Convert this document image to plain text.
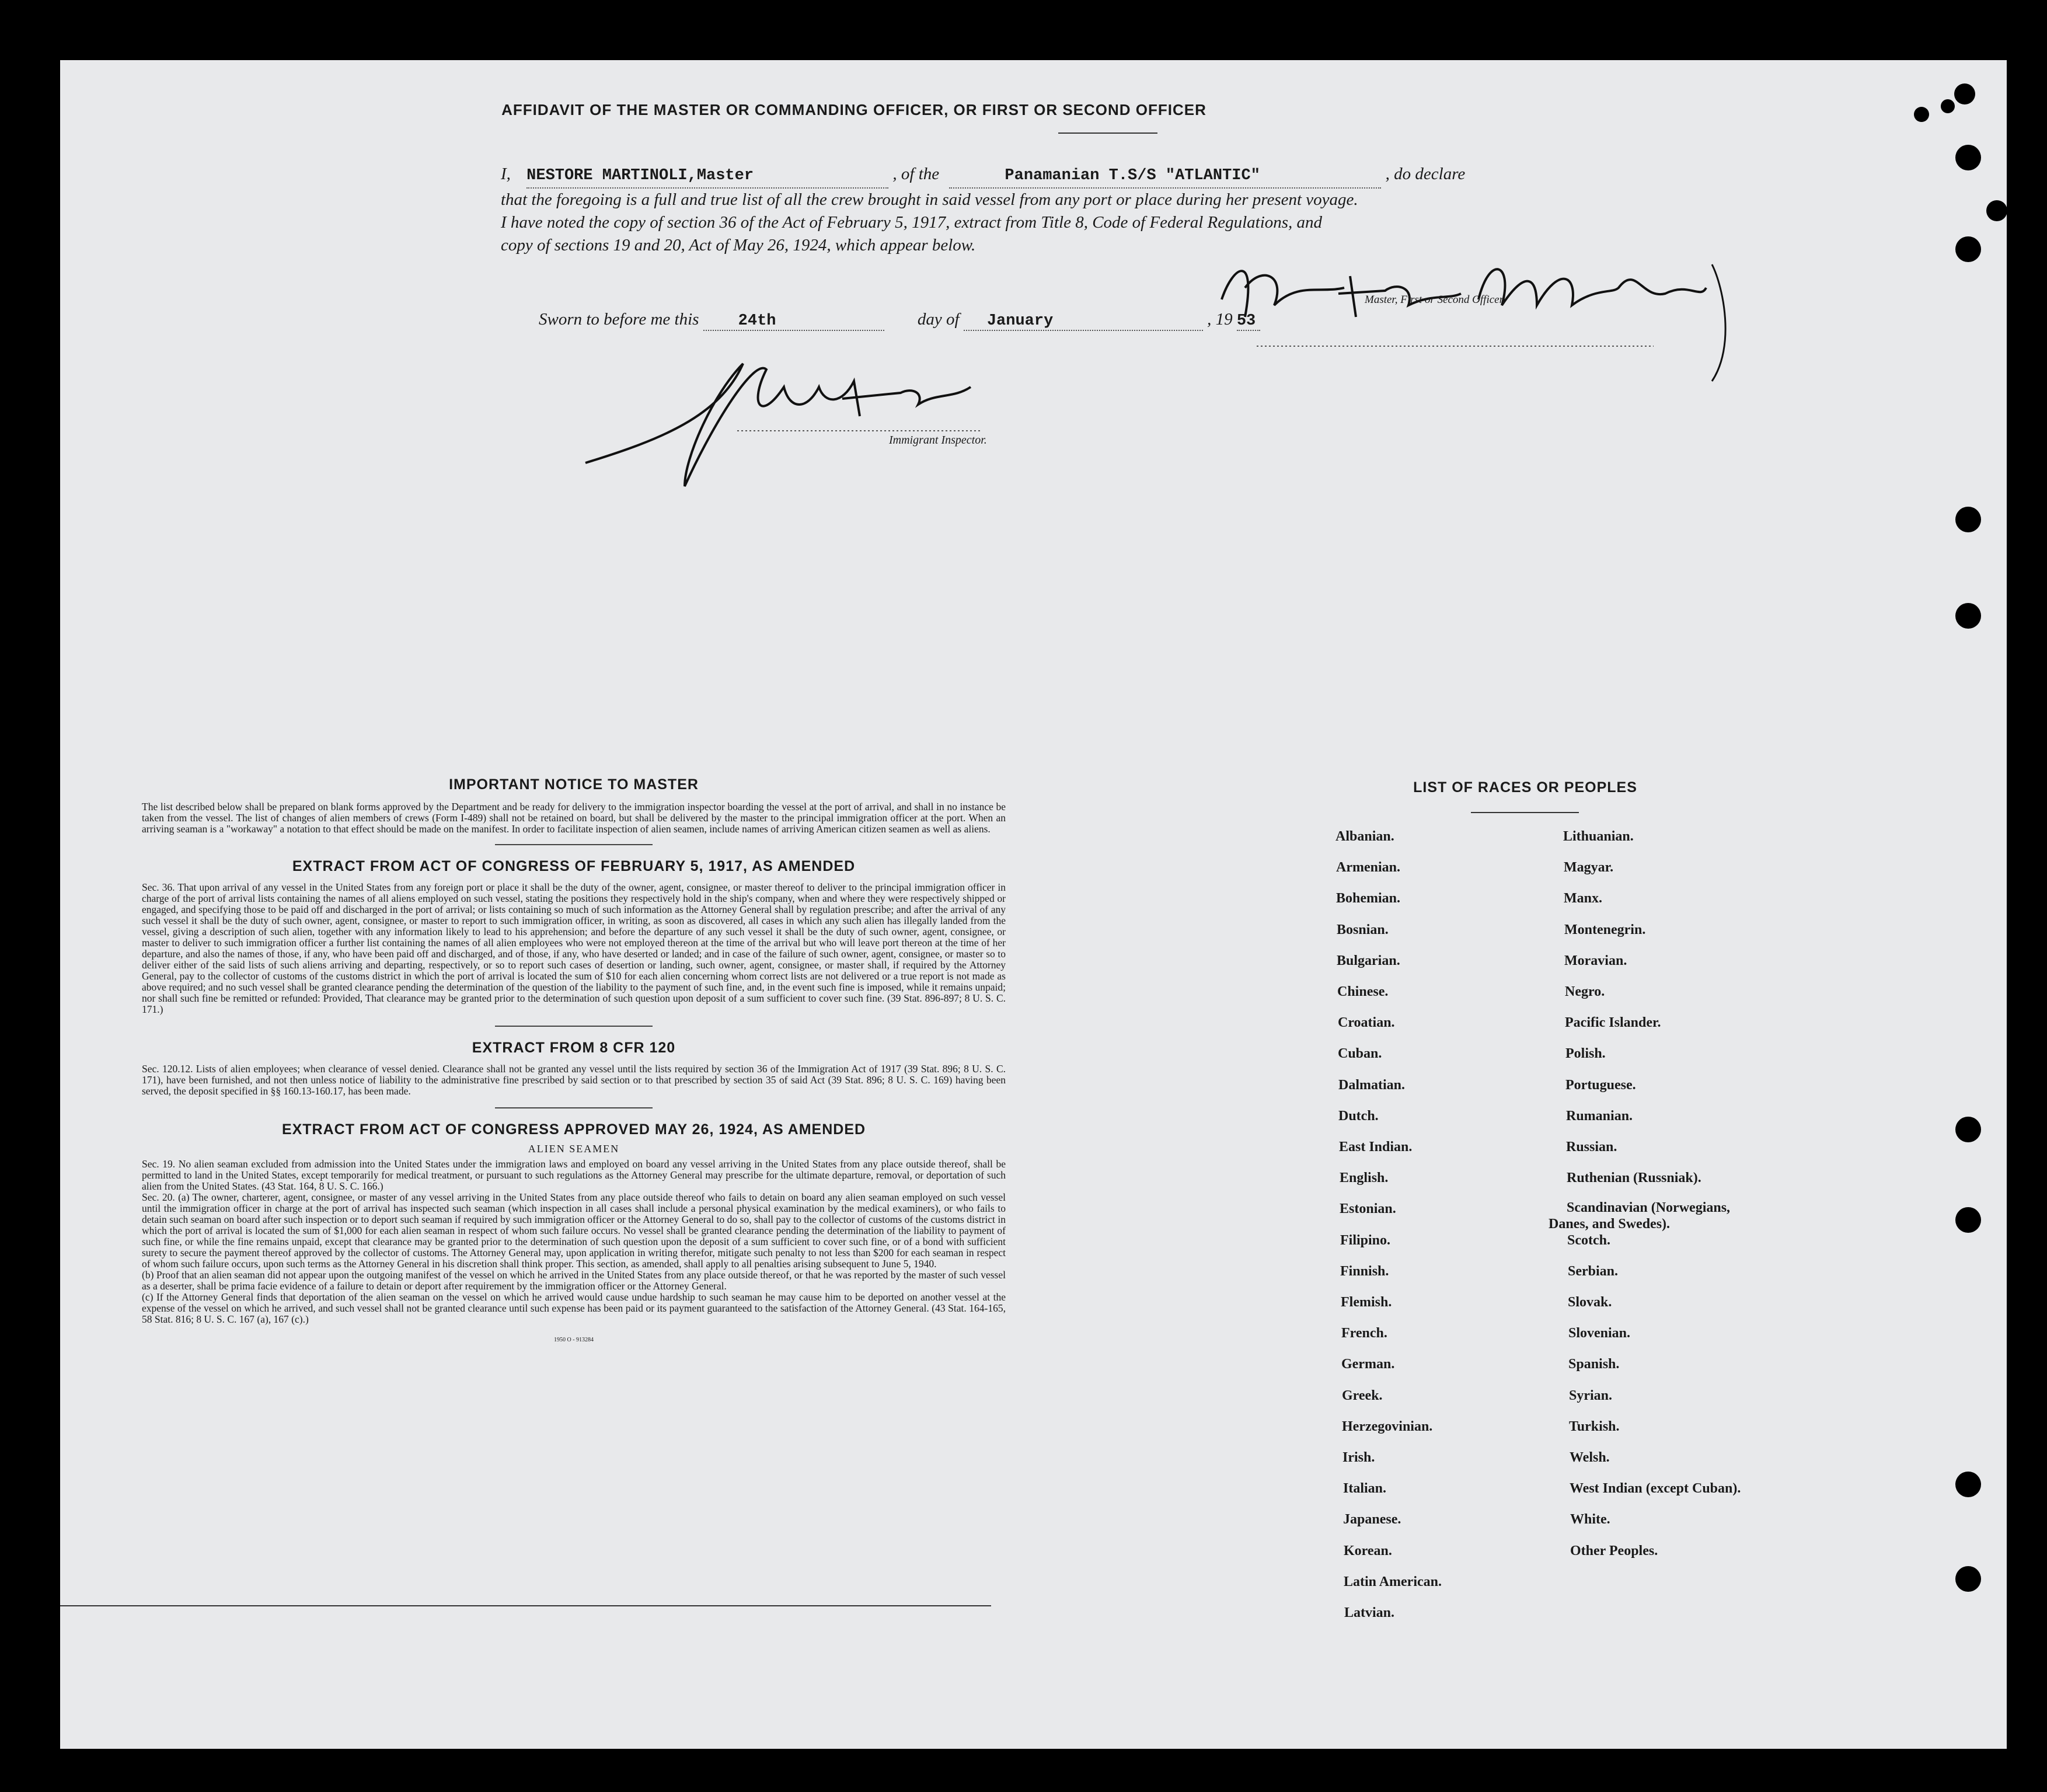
AFFIDAVIT OF THE MASTER OR COMMANDING OFFICER, OR FIRST OR SECOND OFFICER
I, NESTORE MARTINOLI,Master	, of the	Panamanian T.S/S "ATLANTIC"	, do declare
that the foregoing is a full and true list of all the crew brought in said vessel from any port or place during her present voyage.
I have noted the copy of section 36 of the Act of February 5, 1917, extract from Title 8, Code of Federal Regulations, and
copy of sections 19 and 20, Act of May 26, 1924, which appear below.
Master, First or Second Officer.
Sworn to before me this 24th	day of January	, 19 53
Immigrant Inspector.
IMPORTANT NOTICE TO MASTER

The list described below shall be prepared on blank forms approved by the Department and be ready for delivery to the immigration inspector boarding the vessel at the port of arrival, and shall in no instance be taken from the vessel. The list of changes of alien members of crews (Form I-489) shall not be retained on board, but shall be delivered by the master to the principal immigration officer at the port. When an arriving seaman is a "workaway" a notation to that effect should be made on the manifest. In order to facilitate inspection of alien seamen, include names of arriving American citizen seamen as well as aliens.

EXTRACT FROM ACT OF CONGRESS OF FEBRUARY 5, 1917, AS AMENDED

Sec. 36. That upon arrival of any vessel in the United States from any foreign port or place it shall be the duty of the owner, agent, consignee, or master thereof to deliver to the principal immigration officer in charge of the port of arrival lists containing the names of all aliens employed on such vessel, stating the positions they respectively hold in the ship's company, when and where they were respectively shipped or engaged, and specifying those to be paid off and discharged in the port of arrival; or lists containing so much of such information as the Attorney General shall by regulation prescribe; and after the arrival of any such vessel it shall be the duty of such owner, agent, consignee, or master to report to such immigration officer, in writing, as soon as discovered, all cases in which any such alien has illegally landed from the vessel, giving a description of such alien, together with any information likely to lead to his apprehension; and before the departure of any such vessel it shall be the duty of such owner, agent, consignee, or master to deliver to such immigration officer a further list containing the names of all alien employees who were not employed thereon at the time of the arrival but who will leave port thereon at the time of her departure, and also the names of those, if any, who have been paid off and discharged, and of those, if any, who have deserted or landed; and in case of the failure of such owner, agent, consignee, or master so to deliver either of the said lists of such aliens arriving and departing, respectively, or so to report such cases of desertion or landing, such owner, agent, consignee, or master shall, if required by the Attorney General, pay to the collector of customs of the customs district in which the port of arrival is located the sum of $10 for each alien concerning whom correct lists are not delivered or a true report is not made as above required; and no such vessel shall be granted clearance pending the determination of the question of the liability to the payment of such fine, and, in the event such fine is imposed, while it remains unpaid; nor shall such fine be remitted or refunded: Provided, That clearance may be granted prior to the determination of such question upon deposit of a sum sufficient to cover such fine. (39 Stat. 896-897; 8 U. S. C. 171.)

EXTRACT FROM 8 CFR 120

Sec. 120.12. Lists of alien employees; when clearance of vessel denied. Clearance shall not be granted any vessel until the lists required by section 36 of the Immigration Act of 1917 (39 Stat. 896; 8 U. S. C. 171), have been furnished, and not then unless notice of liability to the administrative fine prescribed by said section or to that prescribed by section 35 of said Act (39 Stat. 896; 8 U. S. C. 169) having been served, the deposit specified in §§ 160.13-160.17, has been made.

EXTRACT FROM ACT OF CONGRESS APPROVED MAY 26, 1924, AS AMENDED
ALIEN SEAMEN

Sec. 19. No alien seaman excluded from admission into the United States under the immigration laws and employed on board any vessel arriving in the United States from any place outside thereof, shall be permitted to land in the United States, except temporarily for medical treatment, or pursuant to such regulations as the Attorney General may prescribe for the ultimate departure, removal, or deportation of such alien from the United States. (43 Stat. 164, 8 U. S. C. 166.)

Sec. 20. (a) The owner, charterer, agent, consignee, or master of any vessel arriving in the United States from any place outside thereof who fails to detain on board any alien seaman employed on such vessel until the immigration officer in charge at the port of arrival has inspected such seaman (which inspection in all cases shall include a personal physical examination by the medical examiners), or who fails to detain such seaman on board after such inspection or to deport such seaman if required by such immigration officer or the Attorney General to do so, shall pay to the collector of customs of the customs district in which the port of arrival is located the sum of $1,000 for each alien seaman in respect of whom such failure occurs. No vessel shall be granted clearance pending the determination of the liability to payment of such fine, or while the fine remains unpaid, except that clearance may be granted prior to the determination of such question upon the deposit of a sum sufficient to cover such fine, or of a bond with sufficient surety to secure the payment thereof approved by the collector of customs. The Attorney General may, upon application in writing therefor, mitigate such penalty to not less than $200 for each seaman in respect of whom such failure occurs, upon such terms as the Attorney General in his discretion shall think proper. This section, as amended, shall apply to all penalties arising subsequent to June 5, 1940.

(b) Proof that an alien seaman did not appear upon the outgoing manifest of the vessel on which he arrived in the United States from any place outside thereof, or that he was reported by the master of such vessel as a deserter, shall be prima facie evidence of a failure to detain or deport after requirement by the immigration officer or the Attorney General.

(c) If the Attorney General finds that deportation of the alien seaman on the vessel on which he arrived would cause undue hardship to such seaman he may cause him to be deported on another vessel at the expense of the vessel on which he arrived, and such vessel shall not be granted clearance until such expense has been paid or its payment guaranteed to the satisfaction of the Attorney General. (43 Stat. 164-165, 58 Stat. 816; 8 U. S. C. 167 (a), 167 (c).)

1950 O - 913284
LIST OF RACES OR PEOPLES
Albanian.
Armenian.
Bohemian.
Bosnian.
Bulgarian.
Chinese.
Croatian.
Cuban.
Dalmatian.
Dutch.
East Indian.
English.
Estonian.
Filipino.
Finnish.
Flemish.
French.
German.
Greek.
Herzegovinian.
Irish.
Italian.
Japanese.
Korean.
Latin American.
Latvian.
Lithuanian.
Magyar.
Manx.
Montenegrin.
Moravian.
Negro.
Pacific Islander.
Polish.
Portuguese.
Rumanian.
Russian.
Ruthenian (Russniak).
Scandinavian (Norwegians,
Danes, and Swedes).
Scotch.
Serbian.
Slovak.
Slovenian.
Spanish.
Syrian.
Turkish.
Welsh.
West Indian (except Cuban).
White.
Other Peoples.
